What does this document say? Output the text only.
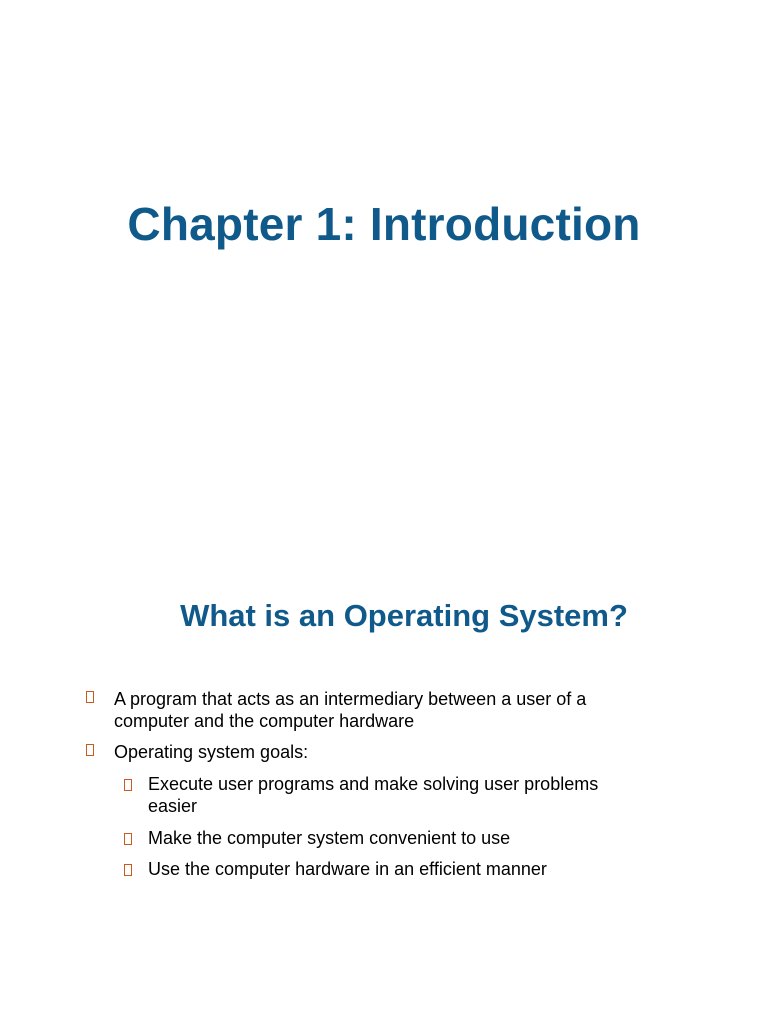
Chapter 1: Introduction
What is an Operating System?
A program that acts as an intermediary between a user of a
computer and the computer hardware
Operating system goals:
Execute user programs and make solving user problems
easier
Make the computer system convenient to use
Use the computer hardware in an efficient manner
